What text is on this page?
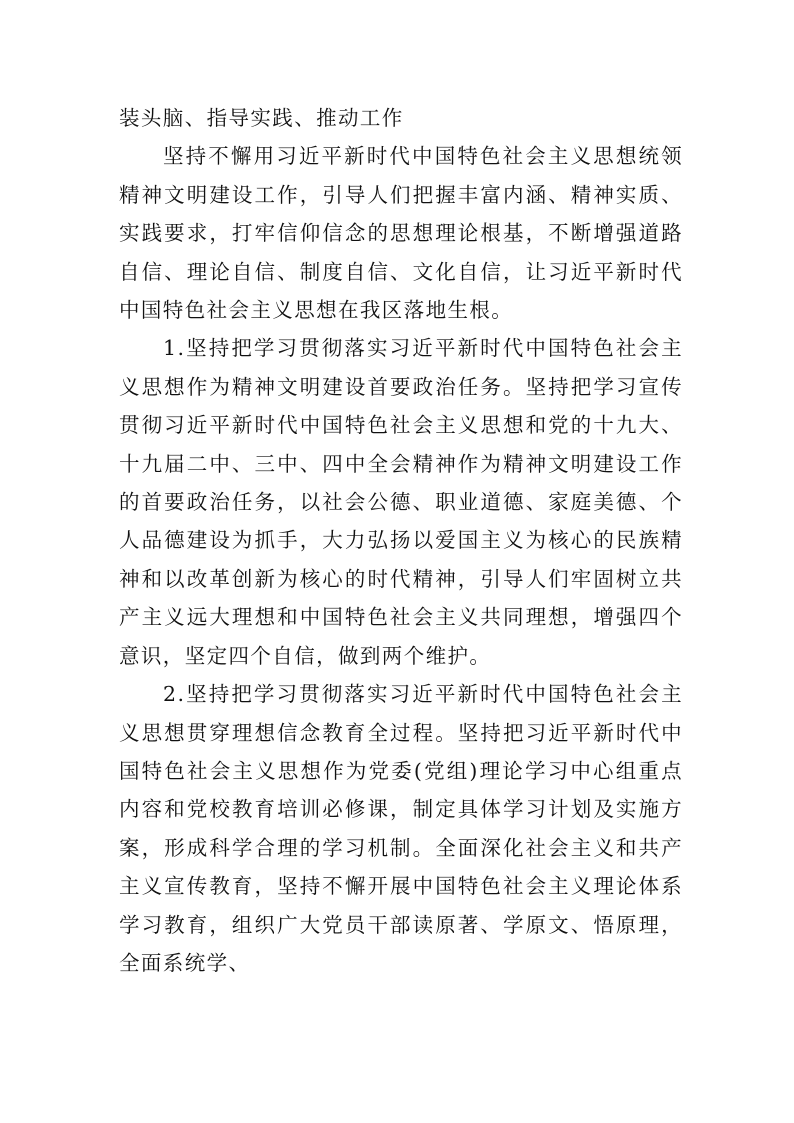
装头脑、指导实践、推动工作

坚持不懈用习近平新时代中国特色社会主义思想统领精神文明建设工作，引导人们把握丰富内涵、精神实质、实践要求，打牢信仰信念的思想理论根基，不断增强道路自信、理论自信、制度自信、文化自信，让习近平新时代中国特色社会主义思想在我区落地生根。

1.坚持把学习贯彻落实习近平新时代中国特色社会主义思想作为精神文明建设首要政治任务。坚持把学习宣传贯彻习近平新时代中国特色社会主义思想和党的十九大、十九届二中、三中、四中全会精神作为精神文明建设工作的首要政治任务，以社会公德、职业道德、家庭美德、个人品德建设为抓手，大力弘扬以爱国主义为核心的民族精神和以改革创新为核心的时代精神，引导人们牢固树立共产主义远大理想和中国特色社会主义共同理想，增强四个意识，坚定四个自信，做到两个维护。

2.坚持把学习贯彻落实习近平新时代中国特色社会主义思想贯穿理想信念教育全过程。坚持把习近平新时代中国特色社会主义思想作为党委(党组)理论学习中心组重点内容和党校教育培训必修课，制定具体学习计划及实施方案，形成科学合理的学习机制。全面深化社会主义和共产主义宣传教育，坚持不懈开展中国特色社会主义理论体系学习教育，组织广大党员干部读原著、学原文、悟原理，全面系统学、
